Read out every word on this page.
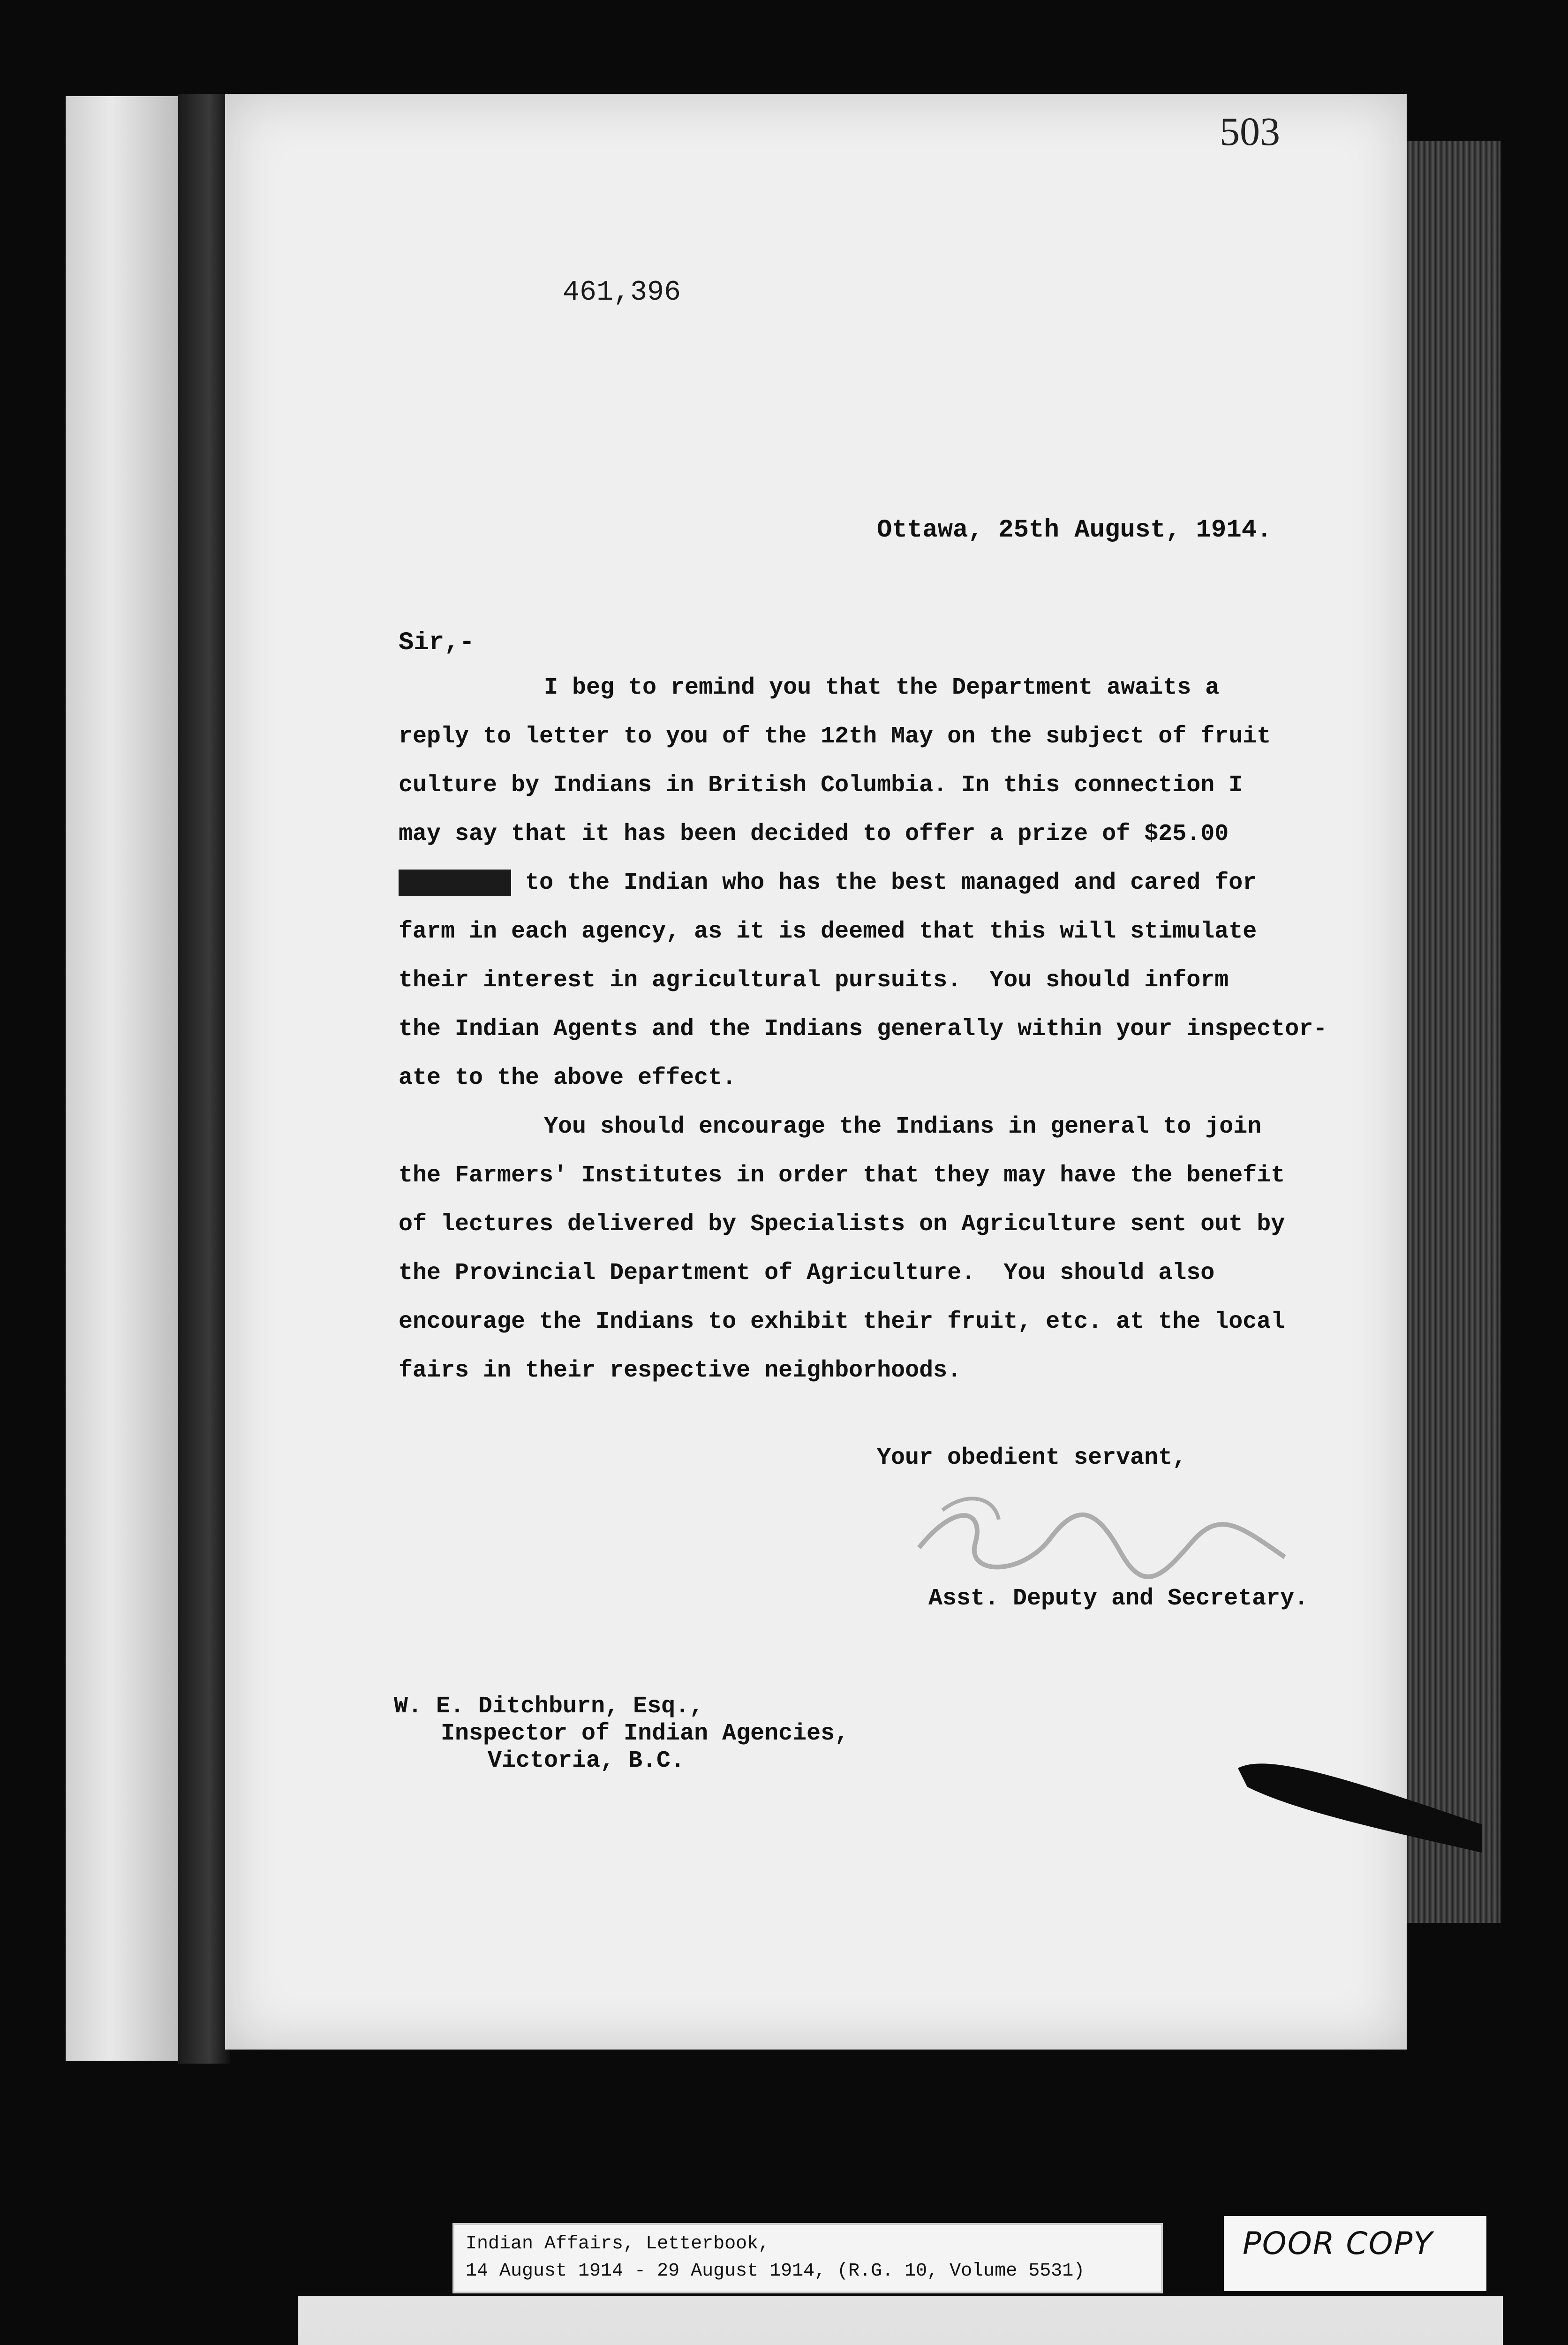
503
461,396
Ottawa, 25th August, 1914.
Sir,-
I beg to remind you that the Department awaits a
reply to letter to you of the 12th May on the subject of fruit
culture by Indians in British Columbia. In this connection I
may say that it has been decided to offer a prize of $25.00
xxxxxxxx to the Indian who has the best managed and cared for
farm in each agency, as it is deemed that this will stimulate
their interest in agricultural pursuits.  You should inform
the Indian Agents and the Indians generally within your inspector-
ate to the above effect.
You should encourage the Indians in general to join
the Farmers' Institutes in order that they may have the benefit
of lectures delivered by Specialists on Agriculture sent out by
the Provincial Department of Agriculture.  You should also
encourage the Indians to exhibit their fruit, etc. at the local
fairs in their respective neighborhoods.
Your obedient servant,
Asst. Deputy and Secretary.
W. E. Ditchburn, Esq.,
Inspector of Indian Agencies,
Victoria, B.C.
Indian Affairs, Letterbook,
14 August 1914 - 29 August 1914, (R.G. 10, Volume 5531)
POOR COPY
